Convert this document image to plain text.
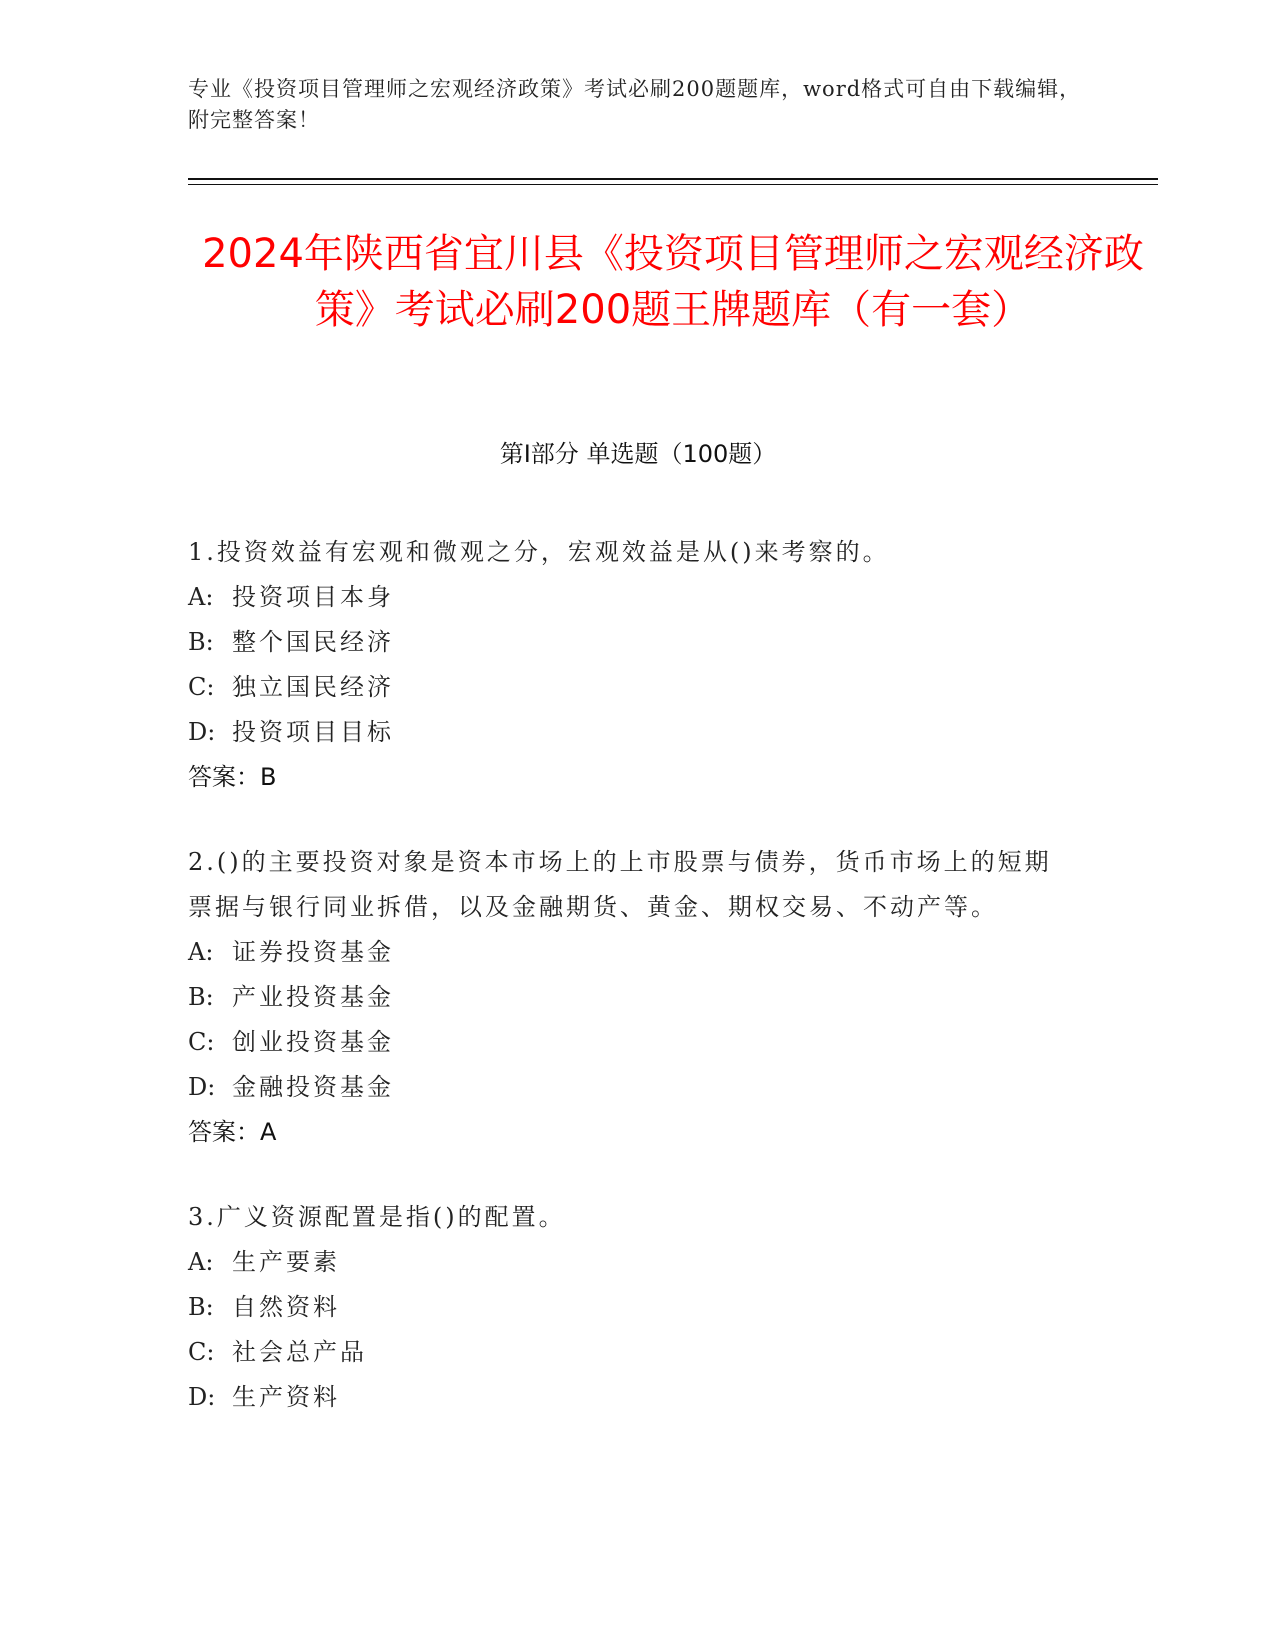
专业《投资项目管理师之宏观经济政策》考试必刷200题题库，word格式可自由下载编辑，附完整答案！
2024年陕西省宜川县《投资项目管理师之宏观经济政策》考试必刷200题王牌题库（有一套）
第Ⅰ部分 单选题（100题）
1.投资效益有宏观和微观之分，宏观效益是从()来考察的。
A: 投资项目本身
B: 整个国民经济
C: 独立国民经济
D: 投资项目目标
答案：B
2.()的主要投资对象是资本市场上的上市股票与债券，货币市场上的短期票据与银行同业拆借，以及金融期货、黄金、期权交易、不动产等。
A: 证券投资基金
B: 产业投资基金
C: 创业投资基金
D: 金融投资基金
答案：A
3.广义资源配置是指()的配置。
A: 生产要素
B: 自然资料
C: 社会总产品
D: 生产资料
